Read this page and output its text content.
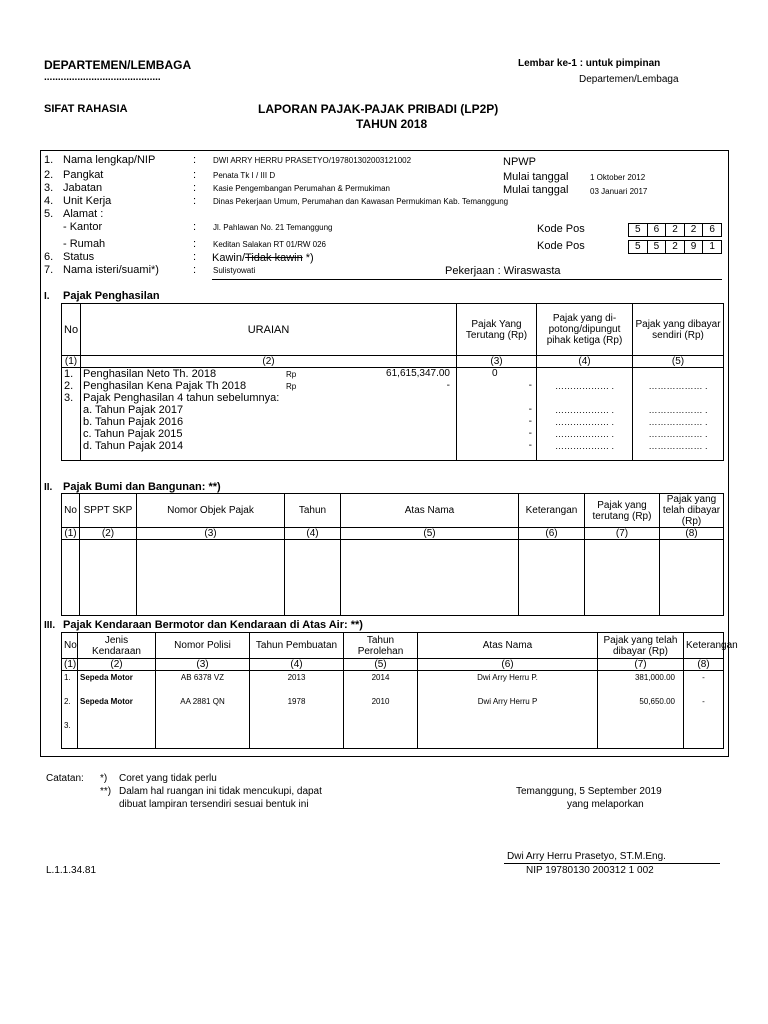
DEPARTEMEN/LEMBAGA
..........................................
Lembar ke-1 : untuk pimpinan
Departemen/Lembaga
SIFAT RAHASIA	LAPORAN PAJAK-PAJAK PRIBADI (LP2P)
TAHUN 2018
1. Nama lengkap/NIP	: DWI ARRY HERRU PRASETYO/197801302003121002
2. Pangkat	: Penata Tk I / III D
3. Jabatan	: Kasie Pengembangan Perumahan & Permukiman
4. Unit Kerja	: Dinas Pekerjaan Umum, Perumahan dan Kawasan Permukiman Kab. Temanggung
5. Alamat :
- Kantor	: Jl. Pahlawan No. 21 Temanggung
- Rumah	: Keditan Salakan RT 01/RW 026
6. Status	:
7. Nama isteri/suami*)	: Sulistyowati
NPWP
Mulai tanggal	1 Oktober 2012
Mulai tanggal	03 Januari 2017
Kode Pos	5	6	2	2	6
Kode Pos	5	5	2	9	1
Kawin/Tidak kawin *)
Pekerjaan : Wiraswasta
I. Pajak Penghasilan
No	URAIAN	Pajak Yang Terutang (Rp)	Pajak yang di-potong/dipungut pihak ketiga (Rp)	Pajak yang dibayar sendiri (Rp)
(1)	(2)	(3)	(4)	(5)
1.	Penghasilan Neto Th. 2018 Rp 61,615,347.00	0		
2.	Penghasilan Kena Pajak Th 2018 Rp -	-	……………… .	……………… .
3.	Pajak Penghasilan 4 tahun sebelumnya:

	a. Tahun Pajak 2017	-	……………… .	……………… .
	b. Tahun Pajak 2016	-	……………… .	……………… .
	c. Tahun Pajak 2015	-	……………… .	……………… .
	d. Tahun Pajak 2014	-	……………… .	……………… .
II. Pajak Bumi dan Bangunan: **)
No	SPPT SKP	Nomor Objek Pajak	Tahun	Atas Nama	Keterangan	Pajak yang terutang (Rp)	Pajak yang telah dibayar (Rp)
(1)	(2)	(3)	(4)	(5)	(6)	(7)	(8)

III. Pajak Kendaraan Bermotor dan Kendaraan di Atas Air: **)
No	Jenis Kendaraan	Nomor Polisi	Tahun Pembuatan	Tahun Perolehan	Atas Nama	Pajak yang telah dibayar (Rp)	Keterangan
(1)	(2)	(3)	(4)	(5)	(6)	(7)	(8)
1.	Sepeda Motor	AB 6378 VZ	2013	2014	Dwi Arry Herru P.	381,000.00	-
2.	Sepeda Motor	AA 2881 QN	1978	2010	Dwi Arry Herru P	50,650.00	-
3.							
Catatan: *) Coret yang tidak perlu
**) Dalam hal ruangan ini tidak mencukupi, dapat
dibuat lampiran tersendiri sesuai bentuk ini
Temanggung, 5 September 2019
yang melaporkan
Dwi Arry Herru Prasetyo, ST.M.Eng.
NIP 19780130 200312 1 002
L.1.1.34.81
